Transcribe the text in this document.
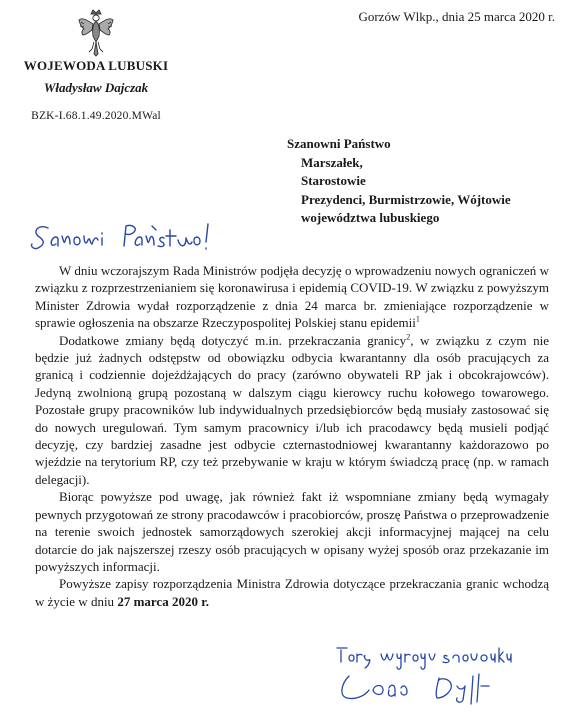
Gorzów Wlkp., dnia 25 marca 2020 r.
WOJEWODA LUBUSKI
Władysław Dajczak
BZK-I.68.1.49.2020.MWal
Szanowni Państwo
Marszałek,
Starostowie
Prezydenci, Burmistrzowie, Wójtowie
województwa lubuskiego

W dniu wczorajszym Rada Ministrów podjęła decyzję o wprowadzeniu nowych ograniczeń w związku z rozprzestrzenianiem się koronawirusa i epidemią COVID-19. W związku z powyższym Minister Zdrowia wydał rozporządzenie z dnia 24 marca br. zmieniające rozporządzenie w sprawie ogłoszenia na obszarze Rzeczypospolitej Polskiej stanu epidemii$^1$

Dodatkowe zmiany będą dotyczyć m.in. przekraczania granicy$^2$, w związku z czym nie będzie już żadnych odstępstw od obowiązku odbycia kwarantanny dla osób pracujących za granicą i codziennie dojeżdżających do pracy (zarówno obywateli RP jak i obcokrajowców). Jedyną zwolnioną grupą pozostaną w dalszym ciągu kierowcy ruchu kołowego towarowego. Pozostałe grupy pracowników lub indywidualnych przedsiębiorców będą musiały zastosować się do nowych uregulowań. Tym samym pracownicy i/lub ich pracodawcy będą musieli podjąć decyzję, czy bardziej zasadne jest odbycie czternastodniowej kwarantanny każdorazowo po wjeździe na terytorium RP, czy też przebywanie w kraju w którym świadczą pracę (np. w ramach delegacji).

Biorąc powyższe pod uwagę, jak również fakt iż wspomniane zmiany będą wymagały pewnych przygotowań ze strony pracodawców i pracobiorców, proszę Państwa o przeprowadzenie na terenie swoich jednostek samorządowych szerokiej akcji informacyjnej mającej na celu dotarcie do jak najszerszej rzeszy osób pracujących w opisany wyżej sposób oraz przekazanie im powyższych informacji.

Powyższe zapisy rozporządzenia Ministra Zdrowia dotyczące przekraczania granic wchodzą w życie w dniu 27 marca 2020 r.
